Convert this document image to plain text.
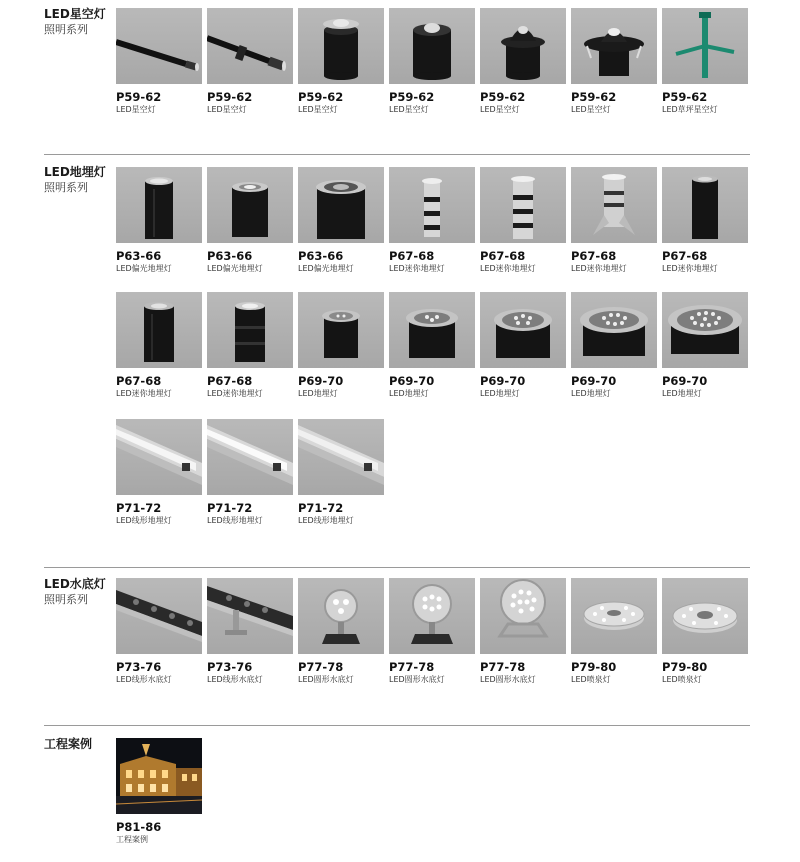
LED星空灯
照明系列
P59-62
LED星空灯
P59-62
LED星空灯
P59-62
LED星空灯
P59-62
LED星空灯
P59-62
LED星空灯
P59-62
LED星空灯
P59-62
LED草坪星空灯
LED地埋灯
照明系列
P63-66
LED偏光地埋灯
P63-66
LED偏光地埋灯
P63-66
LED偏光地埋灯
P67-68
LED迷你地埋灯
P67-68
LED迷你地埋灯
P67-68
LED迷你地埋灯
P67-68
LED迷你地埋灯
P67-68
LED迷你地埋灯
P67-68
LED迷你地埋灯
P69-70
LED地埋灯
P69-70
LED地埋灯
P69-70
LED地埋灯
P69-70
LED地埋灯
P69-70
LED地埋灯
P71-72
LED线形地埋灯
P71-72
LED线形地埋灯
P71-72
LED线形地埋灯
LED水底灯
照明系列
P73-76
LED线形水底灯
P73-76
LED线形水底灯
P77-78
LED圆形水底灯
P77-78
LED圆形水底灯
P77-78
LED圆形水底灯
P79-80
LED喷泉灯
P79-80
LED喷泉灯
工程案例
P81-86
工程案例
